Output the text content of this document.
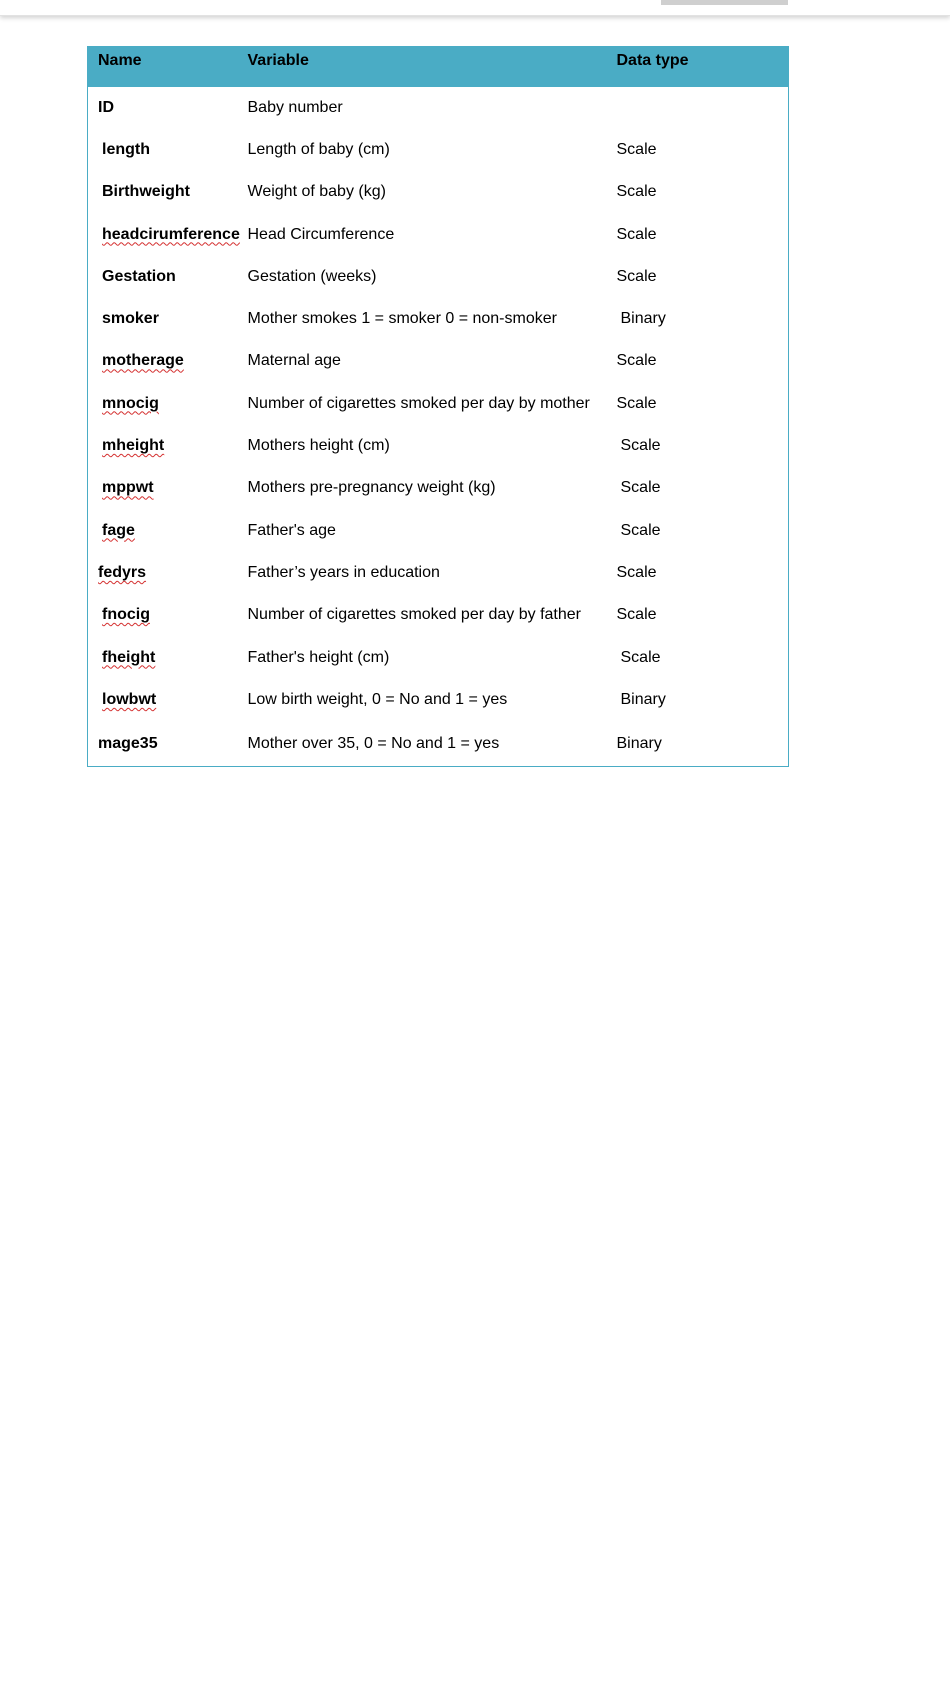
Name	Variable	Data type
ID	Baby number	
length	Length of baby (cm)	Scale
Birthweight	Weight of baby (kg)	Scale
headcirumference	Head Circumference	Scale
Gestation	Gestation (weeks)	Scale
smoker	Mother smokes 1 = smoker 0 = non-smoker	Binary
motherage	Maternal age	Scale
mnocig	Number of cigarettes smoked per day by mother	Scale
mheight	Mothers height (cm)	Scale
mppwt	Mothers pre-pregnancy weight (kg)	Scale
fage	Father's age	Scale
fedyrs	Father’s years in education	Scale
fnocig	Number of cigarettes smoked per day by father	Scale
fheight	Father's height (cm)	Scale
lowbwt	Low birth weight, 0 = No and 1 = yes	Binary
mage35	Mother over 35, 0 = No and 1 = yes	Binary
